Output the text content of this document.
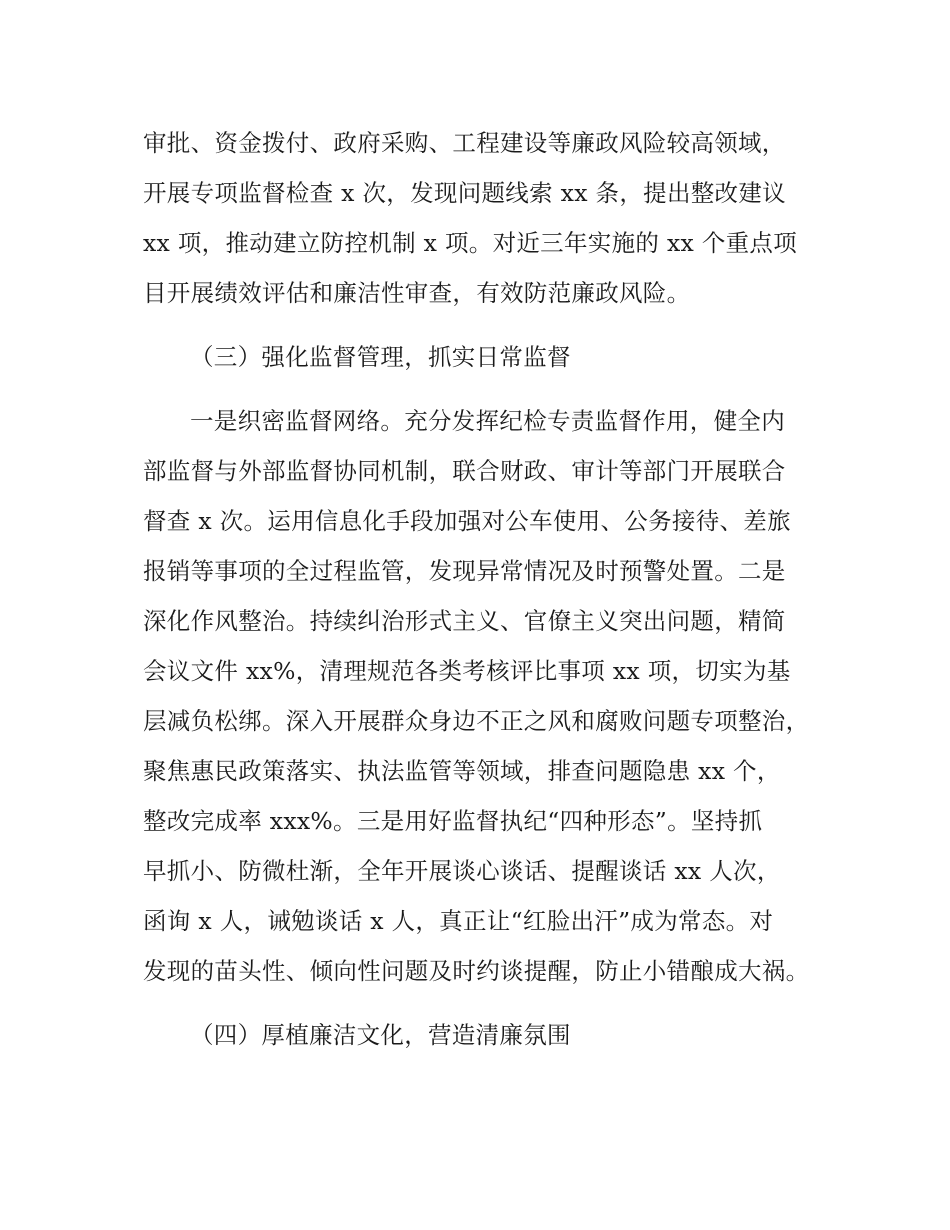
审批、资金拨付、政府采购、工程建设等廉政风险较高领域，
开展专项监督检查 x 次，发现问题线索 xx 条，提出整改建议
xx 项，推动建立防控机制 x 项。对近三年实施的 xx 个重点项
目开展绩效评估和廉洁性审查，有效防范廉政风险。
（三）强化监督管理，抓实日常监督
一是织密监督网络。充分发挥纪检专责监督作用，健全内
部监督与外部监督协同机制，联合财政、审计等部门开展联合
督查 x 次。运用信息化手段加强对公车使用、公务接待、差旅
报销等事项的全过程监管，发现异常情况及时预警处置。二是
深化作风整治。持续纠治形式主义、官僚主义突出问题，精简
会议文件 xx%，清理规范各类考核评比事项 xx 项，切实为基
层减负松绑。深入开展群众身边不正之风和腐败问题专项整治，
聚焦惠民政策落实、执法监管等领域，排查问题隐患 xx 个，
整改完成率 xxx%。三是用好监督执纪“四种形态”。坚持抓
早抓小、防微杜渐，全年开展谈心谈话、提醒谈话 xx 人次，
函询 x 人，诫勉谈话 x 人，真正让“红脸出汗”成为常态。对
发现的苗头性、倾向性问题及时约谈提醒，防止小错酿成大祸。
（四）厚植廉洁文化，营造清廉氛围
